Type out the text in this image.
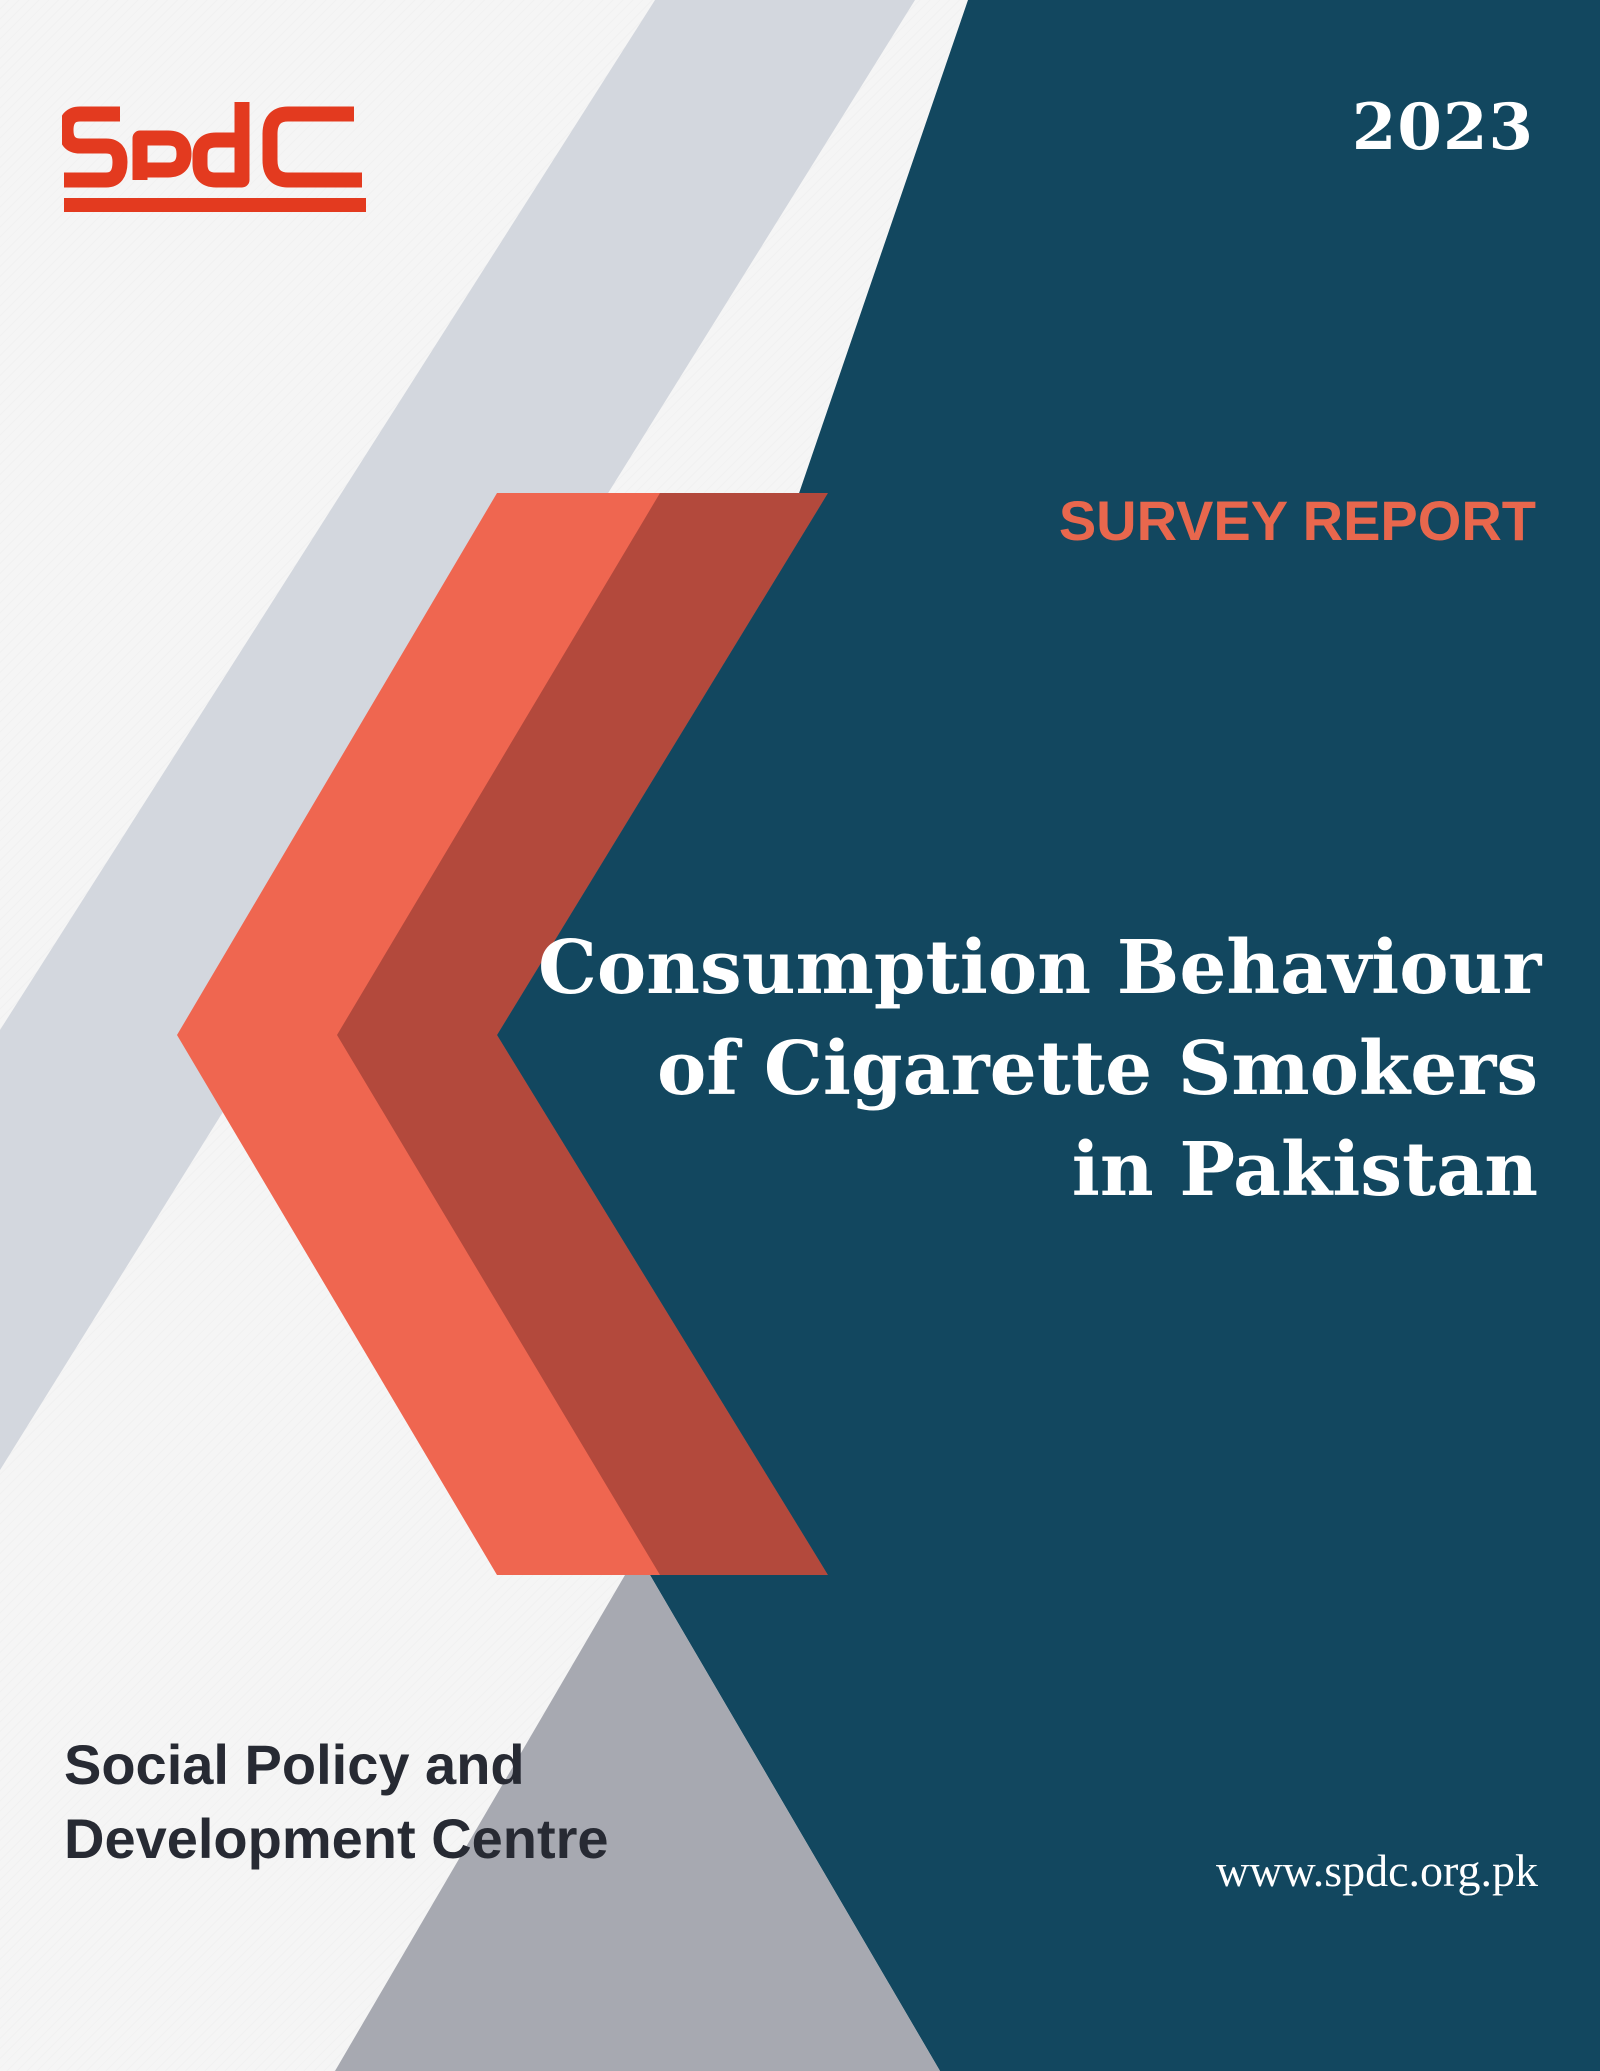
2023
SURVEY REPORT
Consumption Behaviour
of Cigarette Smokers
in Pakistan
Social Policy and
Development Centre
www.spdc.org.pk
